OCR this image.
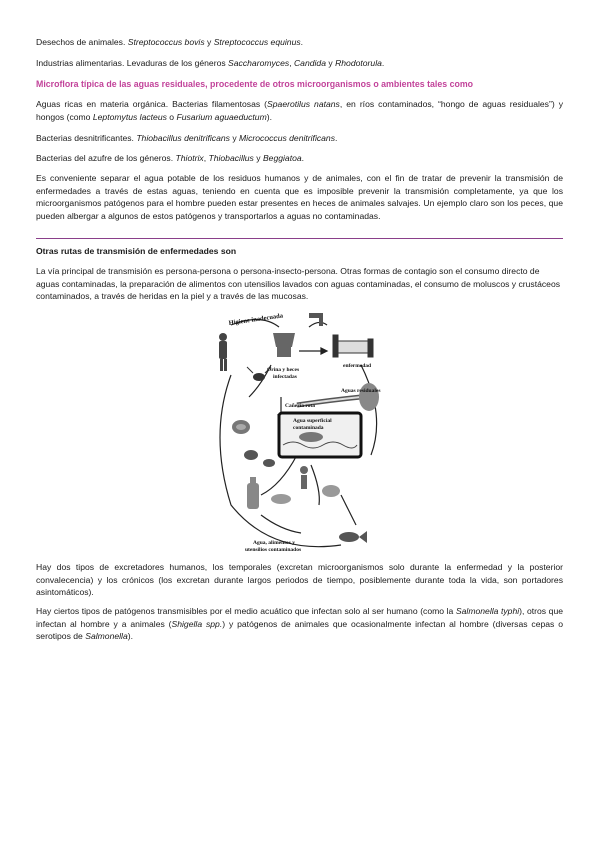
Desechos de animales. Streptococcus bovis y Streptococcus equinus.

Industrias alimentarias. Levaduras de los géneros Saccharomyces, Candida y Rhodotorula.

Microflora típica de las aguas residuales, procedente de otros microorganismos o ambientes tales como

Aguas ricas en materia orgánica. Bacterias filamentosas (Spaerotilus natans, en ríos contaminados, “hongo de aguas residuales”) y hongos (como Leptomytus lacteus o Fusarium aguaeductum).

Bacterias desnitrificantes. Thiobacillus denitrificans y Micrococcus denitrificans.

Bacterias del azufre de los géneros. Thiotrix, Thiobacillus y Beggiatoa.

Es conveniente separar el agua potable de los residuos humanos y de animales, con el fin de tratar de prevenir la transmisión de enfermedades a través de estas aguas, teniendo en cuenta que es imposible prevenir la transmisión completamente, ya que los microorganismos patógenos para el hombre pueden estar presentes en heces de animales salvajes. Un ejemplo claro son los peces, que pueden albergar a algunos de estos patógenos y transportarlos a aguas no contaminadas.

Otras rutas de transmisión de enfermedades son

La vía principal de transmisión es persona-persona o persona-insecto-persona. Otras formas de contagio son el consumo directo de aguas contaminadas, la preparación de alimentos con utensilios lavados con aguas contaminadas, el consumo de moluscos y crustáceos contaminados, a través de heridas en la piel y a través de las mucosas.

Higiene inadecuada
enfermedad
Orina y heces
infectadas
Aguas residuales
Cañería rota
Agua superficial
contaminada
Agua, alimentos y
utensilios contaminados

Hay dos tipos de excretadores humanos, los temporales (excretan microorganismos solo durante la enfermedad y la posterior convalecencia) y los crónicos (los excretan durante largos periodos de tiempo, posiblemente durante toda la vida, son portadores asintomáticos).

Hay ciertos tipos de patógenos transmisibles por el medio acuático que infectan solo al ser humano (como la Salmonella typhi), otros que infectan al hombre y a animales (Shigella spp.) y patógenos de animales que ocasionalmente infectan al hombre (diversas cepas o serotipos de Salmonella).
